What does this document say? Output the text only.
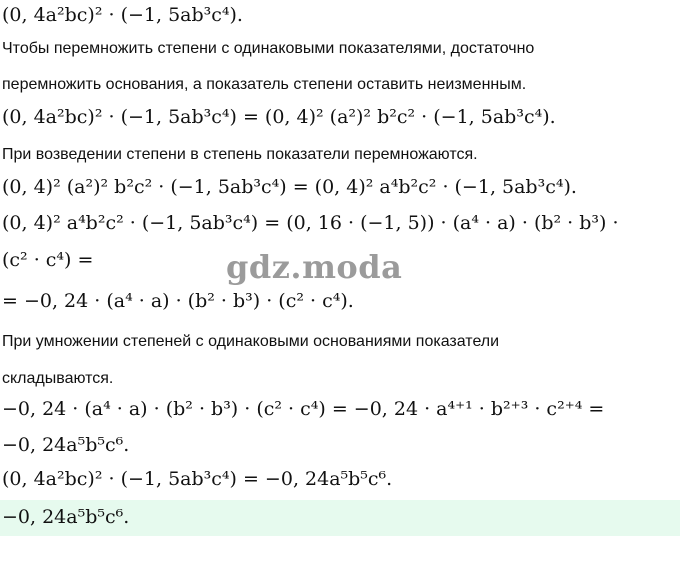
(0, 4a²bc)² · (−1, 5ab³c⁴).
Чтобы перемножить степени с одинаковыми показателями, достаточно
перемножить основания, а показатель степени оставить неизменным.
(0, 4a²bc)² · (−1, 5ab³c⁴) = (0, 4)² (a²)² b²c² · (−1, 5ab³c⁴).
При возведении степени в степень показатели перемножаются.
(0, 4)² (a²)² b²c² · (−1, 5ab³c⁴) = (0, 4)² a⁴b²c² · (−1, 5ab³c⁴).
(0, 4)² a⁴b²c² · (−1, 5ab³c⁴) = (0, 16 · (−1, 5)) · (a⁴ · a) · (b² · b³) ·
(c² · c⁴) =
= −0, 24 · (a⁴ · a) · (b² · b³) · (c² · c⁴).
При умножении степеней с одинаковыми основаниями показатели
складываются.
−0, 24 · (a⁴ · a) · (b² · b³) · (c² · c⁴) = −0, 24 · a⁴⁺¹ · b²⁺³ · c²⁺⁴ =
−0, 24a⁵b⁵c⁶.
(0, 4a²bc)² · (−1, 5ab³c⁴) = −0, 24a⁵b⁵c⁶.
−0, 24a⁵b⁵c⁶.
gdz.moda
